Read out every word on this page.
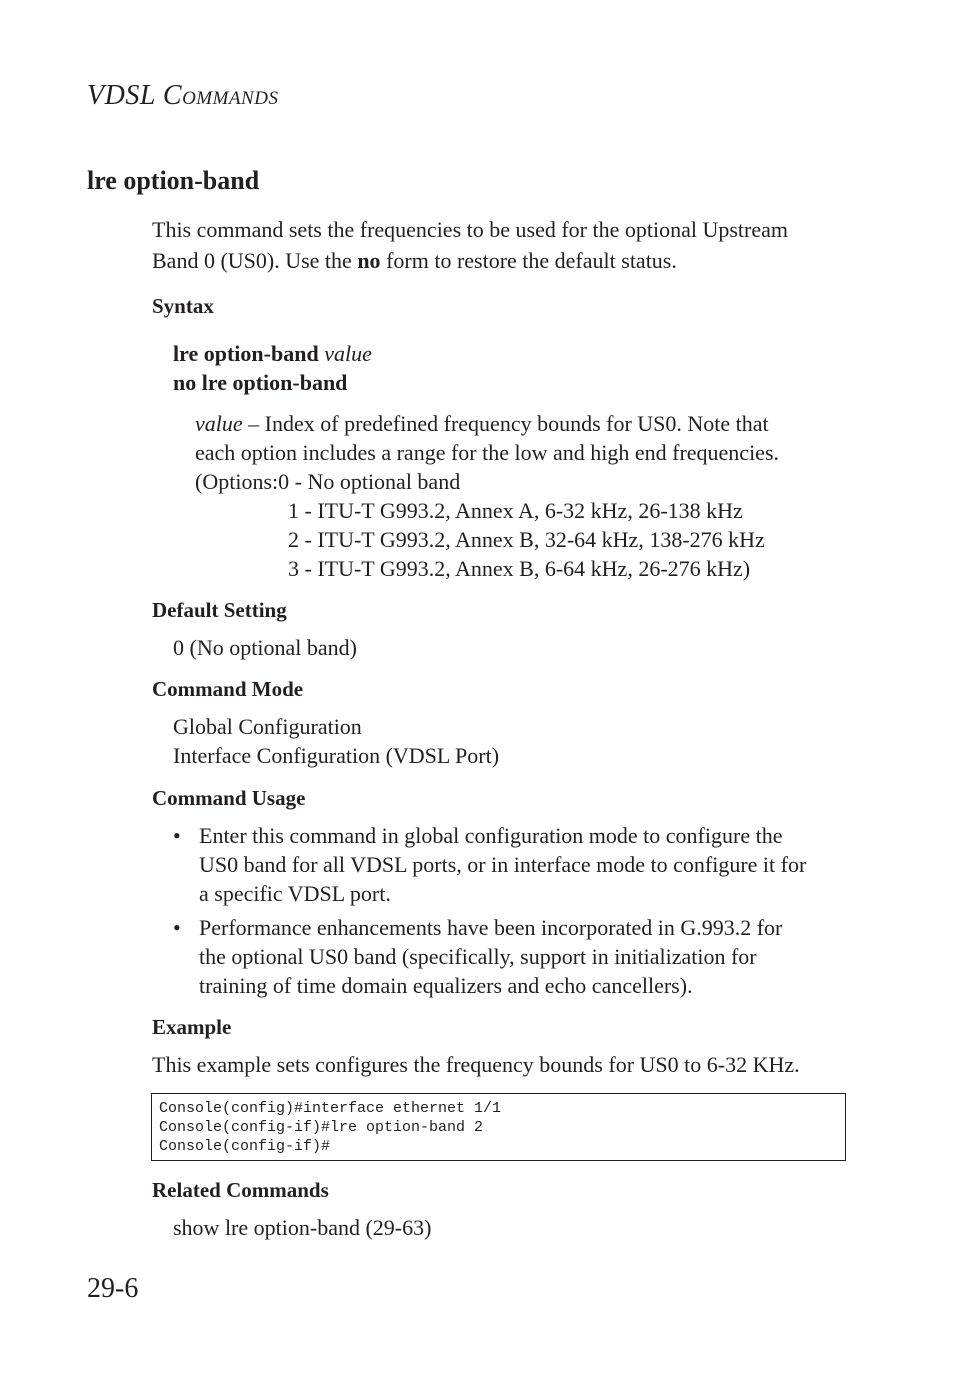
VDSL COMMANDS
lre option-band
This command sets the frequencies to be used for the optional Upstream
Band 0 (US0). Use the no form to restore the default status.
Syntax
lre option-band value
no lre option-band
value – Index of predefined frequency bounds for US0. Note that
each option includes a range for the low and high end frequencies.
(Options:0 - No optional band
1 - ITU-T G993.2, Annex A, 6-32 kHz, 26-138 kHz
2 - ITU-T G993.2, Annex B, 32-64 kHz, 138-276 kHz
3 - ITU-T G993.2, Annex B, 6-64 kHz, 26-276 kHz)
Default Setting
0 (No optional band)
Command Mode
Global Configuration
Interface Configuration (VDSL Port)
Command Usage
• Enter this command in global configuration mode to configure the
US0 band for all VDSL ports, or in interface mode to configure it for
a specific VDSL port.
• Performance enhancements have been incorporated in G.993.2 for
the optional US0 band (specifically, support in initialization for
training of time domain equalizers and echo cancellers).
Example
This example sets configures the frequency bounds for US0 to 6-32 KHz.
Console(config)#interface ethernet 1/1
Console(config-if)#lre option-band 2
Console(config-if)#
Related Commands
show lre option-band (29-63)
29-6
